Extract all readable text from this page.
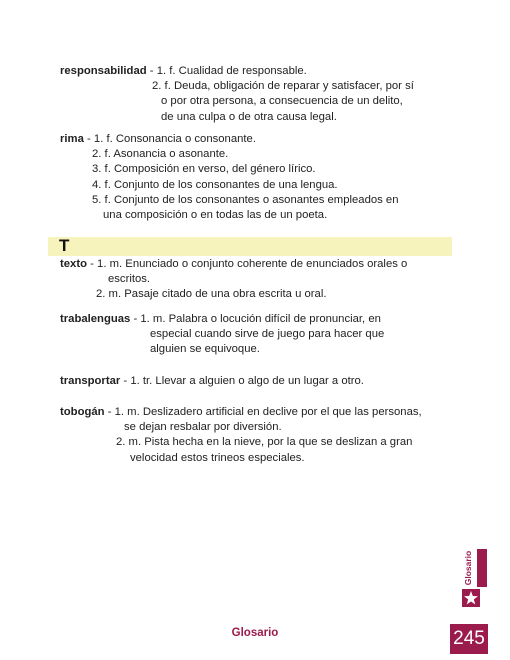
responsabilidad - 1. f. Cualidad de responsable.
2. f. Deuda, obligación de reparar y satisfacer, por sí
o por otra persona, a consecuencia de un delito,
de una culpa o de otra causa legal.
rima - 1. f. Consonancia o consonante.
2. f. Asonancia o asonante.
3. f. Composición en verso, del género lírico.
4. f. Conjunto de los consonantes de una lengua.
5. f. Conjunto de los consonantes o asonantes empleados en
una composición o en todas las de un poeta.
T
texto - 1. m. Enunciado o conjunto coherente de enunciados orales o
escritos.
2. m. Pasaje citado de una obra escrita u oral.
trabalenguas - 1. m. Palabra o locución difícil de pronunciar, en
especial cuando sirve de juego para hacer que
alguien se equivoque.
transportar - 1. tr. Llevar a alguien o algo de un lugar a otro.
tobogán - 1. m. Deslizadero artificial en declive por el que las personas,
se dejan resbalar por diversión.
2. m. Pista hecha en la nieve, por la que se deslizan a gran
velocidad estos trineos especiales.
Glosario
Glosario	245
